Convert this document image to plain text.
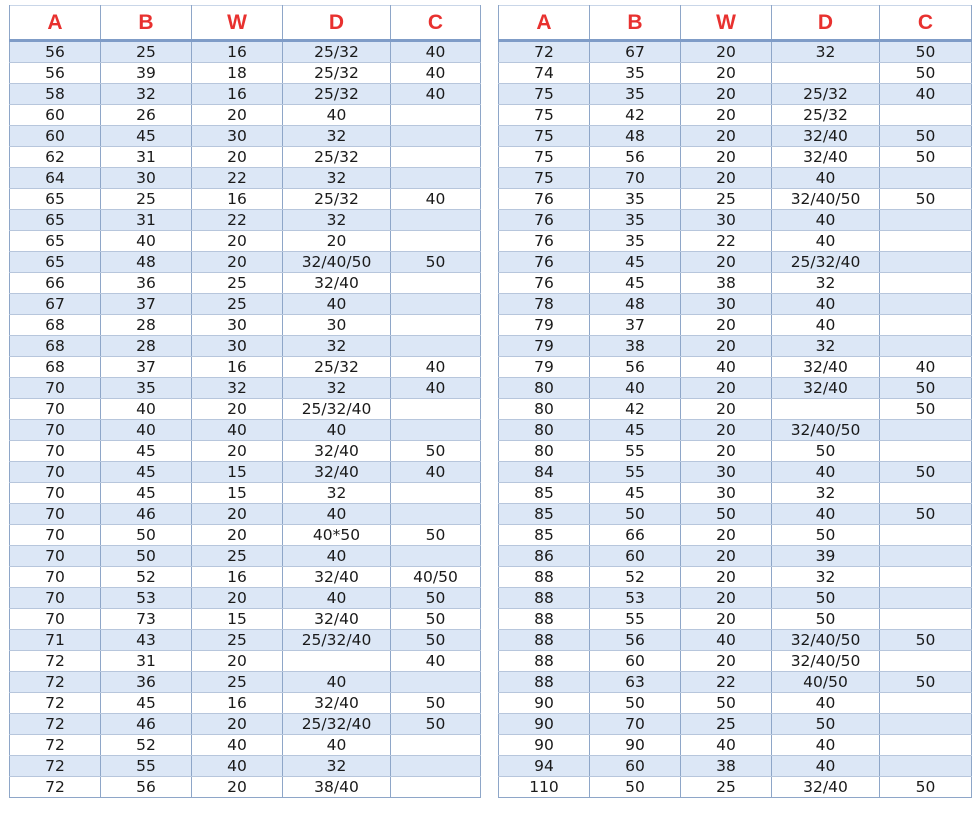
A	B	W	D	C
56	25	16	25/32	40
56	39	18	25/32	40
58	32	16	25/32	40
60	26	20	40	
60	45	30	32	
62	31	20	25/32	
64	30	22	32	
65	25	16	25/32	40
65	31	22	32	
65	40	20	20	
65	48	20	32/40/50	50
66	36	25	32/40	
67	37	25	40	
68	28	30	30	
68	28	30	32	
68	37	16	25/32	40
70	35	32	32	40
70	40	20	25/32/40	
70	40	40	40	
70	45	20	32/40	50
70	45	15	32/40	40
70	45	15	32	
70	46	20	40	
70	50	20	40*50	50
70	50	25	40	
70	52	16	32/40	40/50
70	53	20	40	50
70	73	15	32/40	50
71	43	25	25/32/40	50
72	31	20		40
72	36	25	40	
72	45	16	32/40	50
72	46	20	25/32/40	50
72	52	40	40	
72	55	40	32	
72	56	20	38/40	
A	B	W	D	C
72	67	20	32	50
74	35	20		50
75	35	20	25/32	40
75	42	20	25/32	
75	48	20	32/40	50
75	56	20	32/40	50
75	70	20	40	
76	35	25	32/40/50	50
76	35	30	40	
76	35	22	40	
76	45	20	25/32/40	
76	45	38	32	
78	48	30	40	
79	37	20	40	
79	38	20	32	
79	56	40	32/40	40
80	40	20	32/40	50
80	42	20		50
80	45	20	32/40/50	
80	55	20	50	
84	55	30	40	50
85	45	30	32	
85	50	50	40	50
85	66	20	50	
86	60	20	39	
88	52	20	32	
88	53	20	50	
88	55	20	50	
88	56	40	32/40/50	50
88	60	20	32/40/50	
88	63	22	40/50	50
90	50	50	40	
90	70	25	50	
90	90	40	40	
94	60	38	40	
110	50	25	32/40	50
